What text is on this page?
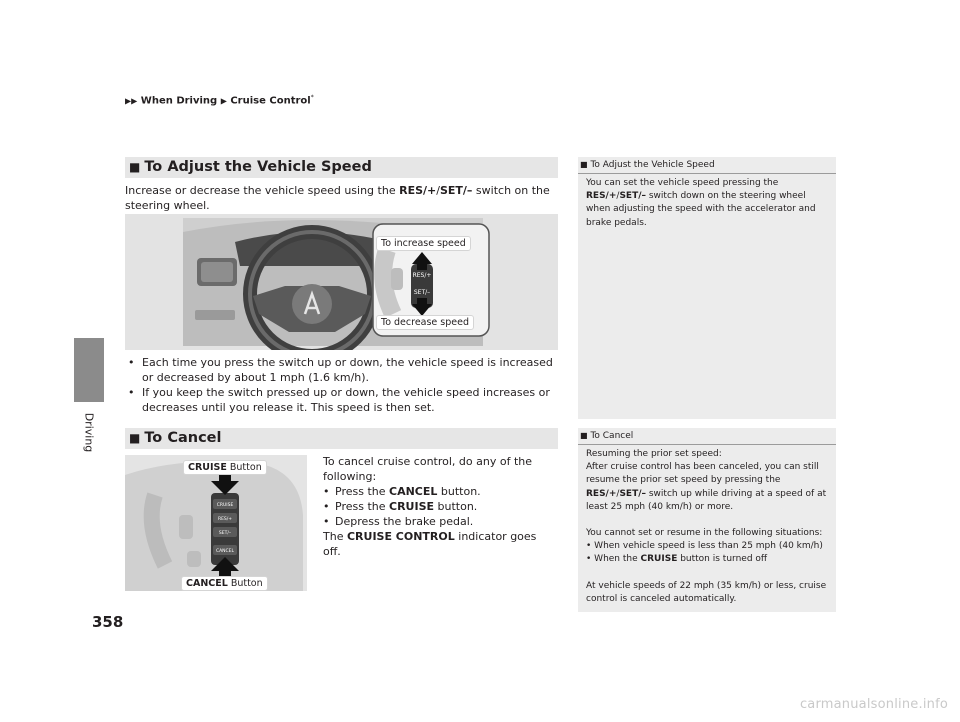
Driving
▶▶ When Driving ▶ Cruise Control*
■ To Adjust the Vehicle Speed
Increase or decrease the vehicle speed using the RES/+/SET/– switch on the steering wheel.
RES/+
SET/–
To increase speed
To decrease speed
• Each time you press the switch up or down, the vehicle speed is increased or decreased by about 1 mph (1.6 km/h).
• If you keep the switch pressed up or down, the vehicle speed increases or decreases until you release it. This speed is then set.
■ To Cancel
CRUISE
RES/+
SET/–
CANCEL
CRUISE Button
CANCEL Button
To cancel cruise control, do any of the following:
• Press the CANCEL button.
• Press the CRUISE button.
• Depress the brake pedal.
The CRUISE CONTROL indicator goes off.
■ To Adjust the Vehicle Speed

You can set the vehicle speed pressing the RES/+/SET/– switch down on the steering wheel when adjusting the speed with the accelerator and brake pedals.

■ To Cancel

Resuming the prior set speed:

After cruise control has been canceled, you can still resume the prior set speed by pressing the RES/+/SET/– switch up while driving at a speed of at least 25 mph (40 km/h) or more.

You cannot set or resume in the following situations:

• When vehicle speed is less than 25 mph (40 km/h)

• When the CRUISE button is turned off

At vehicle speeds of 22 mph (35 km/h) or less, cruise control is canceled automatically.

358
carmanualsonline.info
